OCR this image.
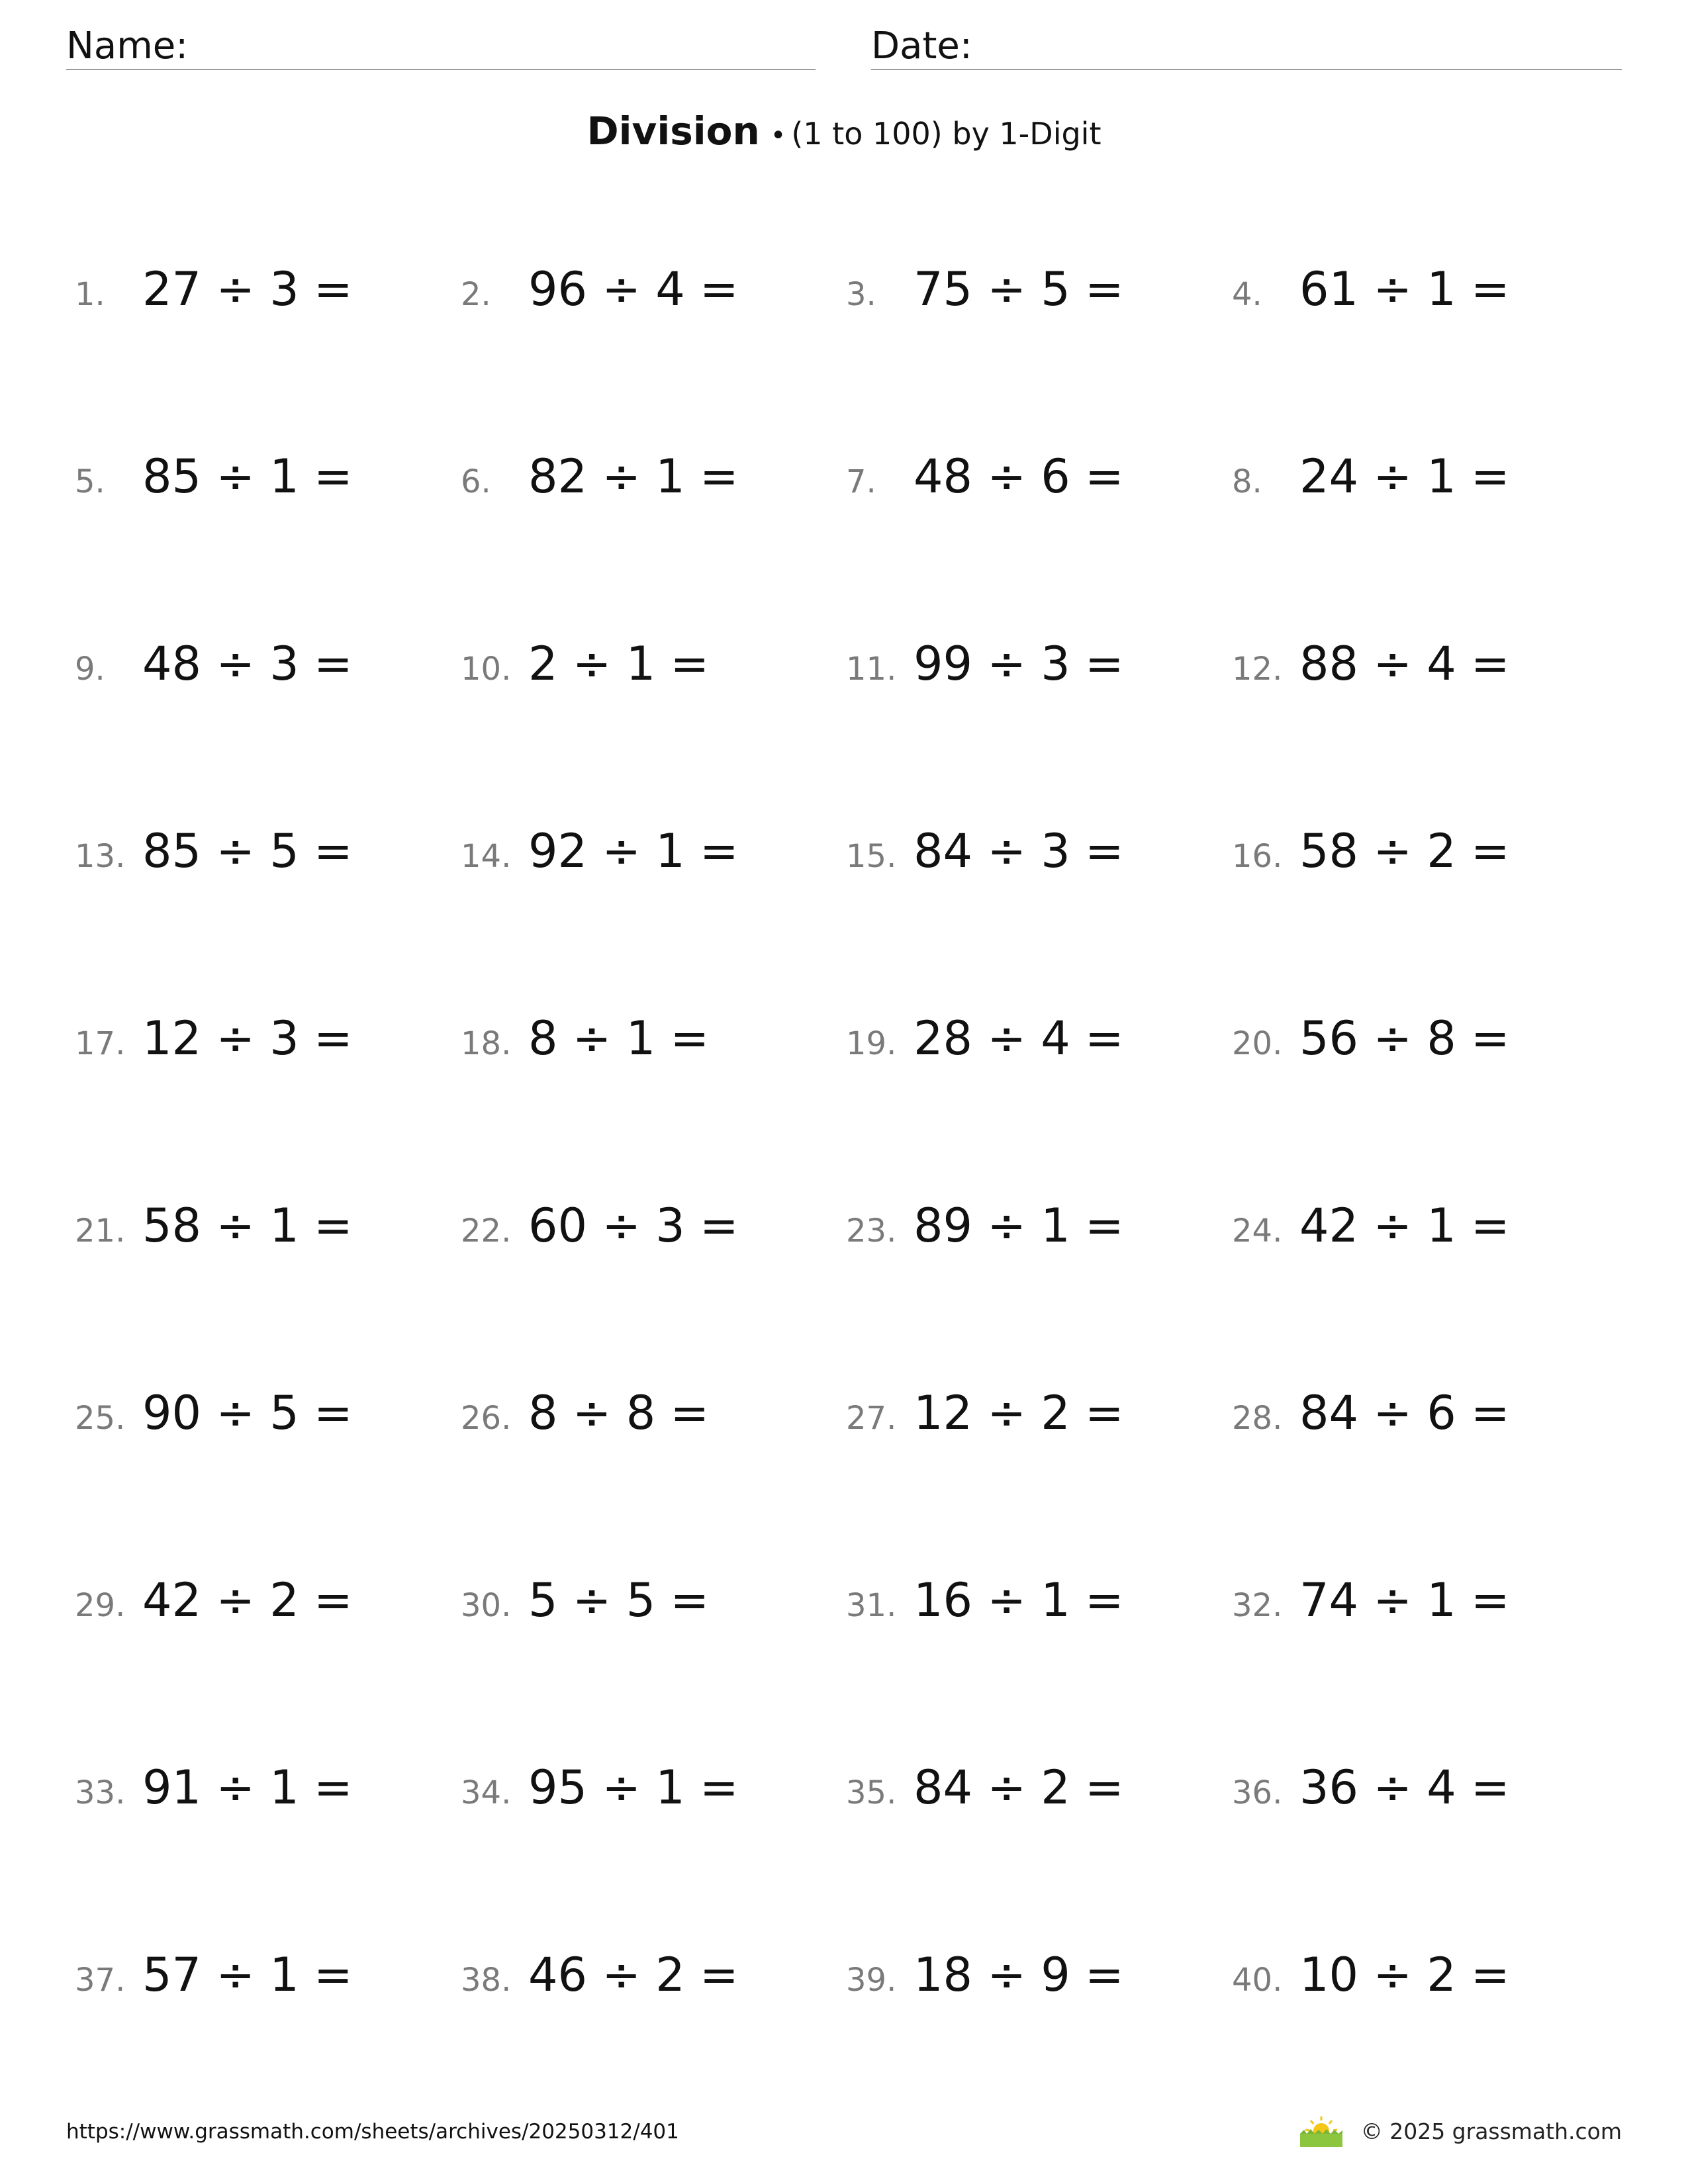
Name:	Date:
Division • (1 to 100) by 1-Digit
1. 27 ÷ 3 =	2. 96 ÷ 4 =	3. 75 ÷ 5 =	4. 61 ÷ 1 =
5. 85 ÷ 1 =	6. 82 ÷ 1 =	7. 48 ÷ 6 =	8. 24 ÷ 1 =
9. 48 ÷ 3 =	10. 2 ÷ 1 =	11. 99 ÷ 3 =	12. 88 ÷ 4 =
13. 85 ÷ 5 =	14. 92 ÷ 1 =	15. 84 ÷ 3 =	16. 58 ÷ 2 =
17. 12 ÷ 3 =	18. 8 ÷ 1 =	19. 28 ÷ 4 =	20. 56 ÷ 8 =
21. 58 ÷ 1 =	22. 60 ÷ 3 =	23. 89 ÷ 1 =	24. 42 ÷ 1 =
25. 90 ÷ 5 =	26. 8 ÷ 8 =	27. 12 ÷ 2 =	28. 84 ÷ 6 =
29. 42 ÷ 2 =	30. 5 ÷ 5 =	31. 16 ÷ 1 =	32. 74 ÷ 1 =
33. 91 ÷ 1 =	34. 95 ÷ 1 =	35. 84 ÷ 2 =	36. 36 ÷ 4 =
37. 57 ÷ 1 =	38. 46 ÷ 2 =	39. 18 ÷ 9 =	40. 10 ÷ 2 =
https://www.grassmath.com/sheets/archives/20250312/401	© 2025 grassmath.com
